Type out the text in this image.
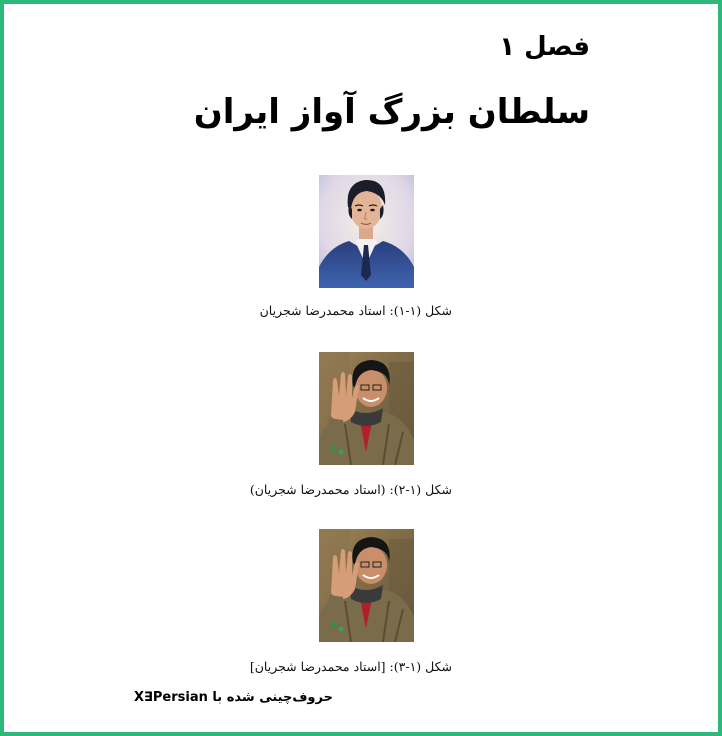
فصل ۱
سلطان بزرگ آواز ایران
شکل (۱-۱): استاد محمدرضا شجریان
شکل (۱-۲): (استاد محمدرضا شجریان)
شکل (۱-۳): [استاد محمدرضا شجریان]
حروف‌چینی شده با X∃Persian
